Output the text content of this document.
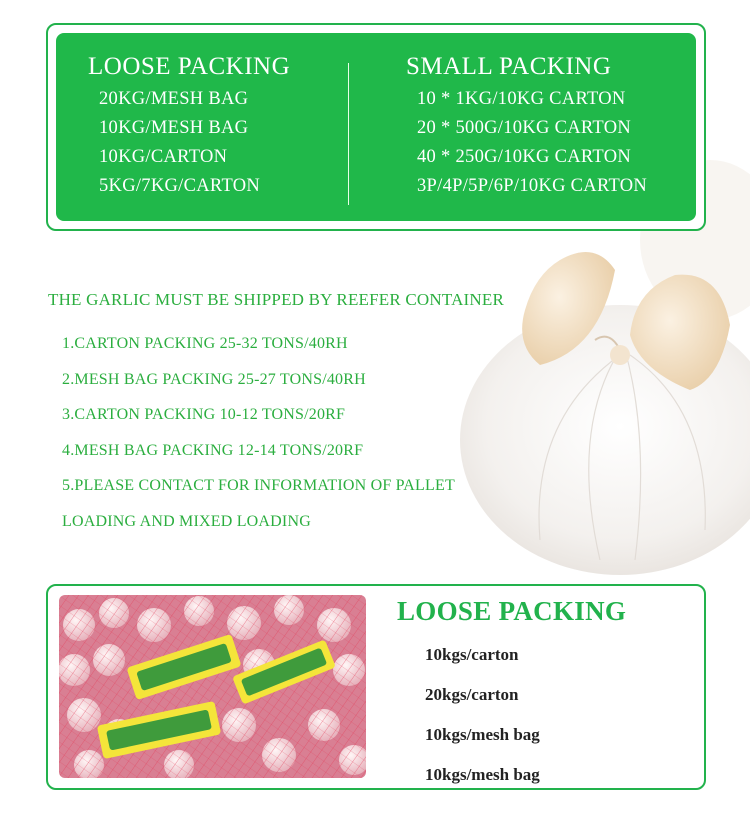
LOOSE PACKING
20KG/MESH BAG
10KG/MESH BAG
10KG/CARTON
5KG/7KG/CARTON
SMALL PACKING
10 * 1KG/10KG CARTON
20 * 500G/10KG CARTON
40 * 250G/10KG CARTON
3P/4P/5P/6P/10KG CARTON
THE GARLIC MUST BE SHIPPED BY REEFER CONTAINER
1.CARTON PACKING 25-32 TONS/40RH
2.MESH BAG PACKING 25-27 TONS/40RH
3.CARTON PACKING 10-12 TONS/20RF
4.MESH BAG PACKING 12-14 TONS/20RF
5.PLEASE CONTACT FOR INFORMATION OF PALLET
LOADING AND MIXED LOADING
LOOSE PACKING
10kgs/carton
20kgs/carton
10kgs/mesh bag
10kgs/mesh bag
